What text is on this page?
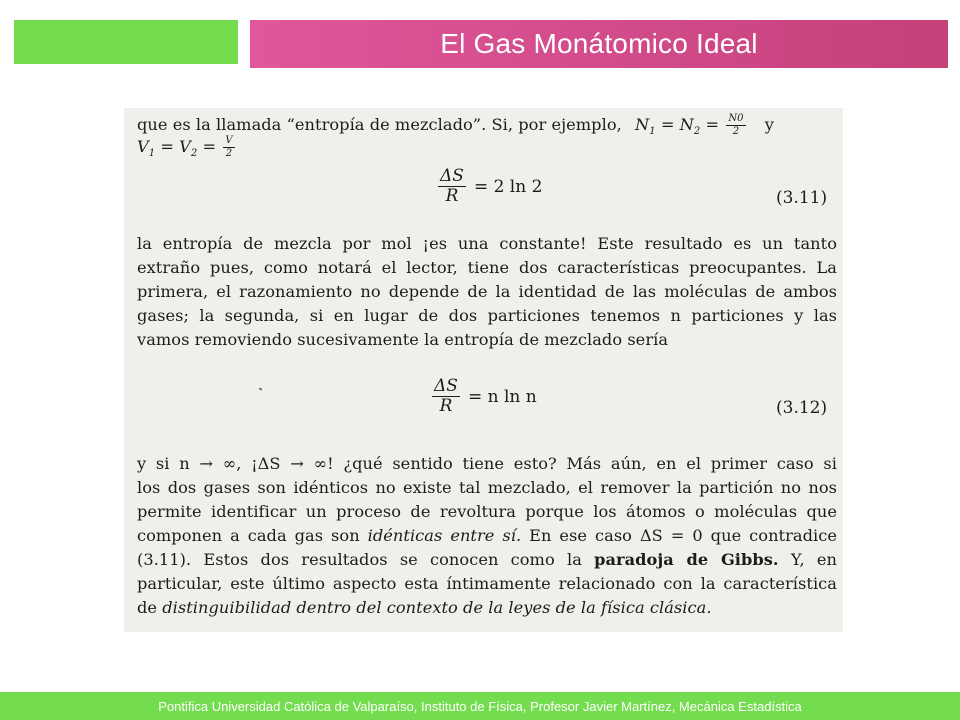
El Gas Monátomico Ideal
que es la llamada “entropía de mezclado”. Si, por ejemplo, $N_1 = N_2 = \frac{N0}{2}$ y
$V_1 = V_2 = \frac{V}{2}$
$\frac{\Delta S}{R} = 2$ ln 2
(3.11)
la entropía de mezcla por mol ¡es una constante! Este resultado es un tanto
extraño pues, como notará el lector, tiene dos características preocupantes. La
primera, el razonamiento no depende de la identidad de las moléculas de ambos
gases; la segunda, si en lugar de dos particiones tenemos n particiones y las
vamos removiendo sucesivamente la entropía de mezclado sería
$\frac{\Delta S}{R} = n$ ln n
(3.12)
y si n → ∞, ¡ΔS → ∞! ¿qué sentido tiene esto? Más aún, en el primer caso si
los dos gases son idénticos no existe tal mezclado, el remover la partición no nos
permite identificar un proceso de revoltura porque los átomos o moléculas que
componen a cada gas son idénticas entre sí. En ese caso ΔS = 0 que contradice
(3.11). Estos dos resultados se conocen como la paradoja de Gibbs. Y, en
particular, este último aspecto esta íntimamente relacionado con la característica
de distinguibilidad dentro del contexto de la leyes de la física clásica.
Pontifica Universidad Católica de Valparaíso, Instituto de Física, Profesor Javier Martínez, Mecánica Estadística
